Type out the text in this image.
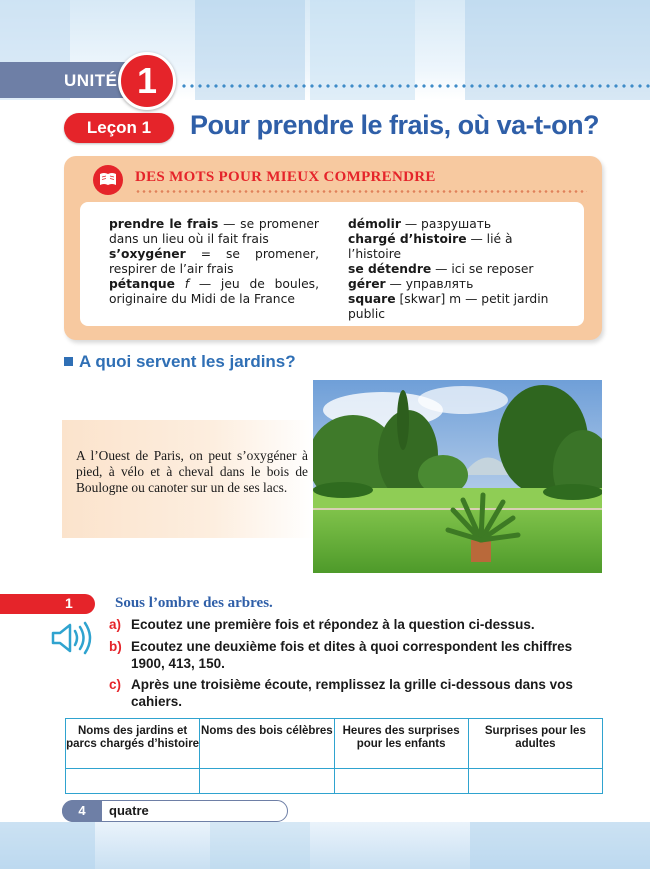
UNITÉ 1
Leçon 1	Pour prendre le frais, où va-t-on?
DES MOTS POUR MIEUX COMPRENDRE
prendre le frais — se promener dans un lieu où il fait frais
s’oxygéner = se promener, respirer de l’air frais
pétanque f — jeu de boules, originaire du Midi de la France
démolir — разрушать
chargé d’histoire — lié à l’histoire
se détendre — ici se reposer
gérer — управлять
square [skwar] m — petit jardin public
A quoi servent les jardins?
A l’Ouest de Paris, on peut s’oxygéner à pied, à vélo et à cheval dans le bois de Boulogne ou canoter sur un de ses lacs.
1	Sous l’ombre des arbres.
a) Ecoutez une première fois et répondez à la question ci-dessus.
b) Ecoutez une deuxième fois et dites à quoi correspondent les chiffres 1900, 413, 150.
c) Après une troisième écoute, remplissez la grille ci-dessous dans vos cahiers.
Noms des jardins et parcs chargés d’histoire	Noms des bois célèbres	Heures des surprises pour les enfants	Surprises pour les adultes

4	quatre
